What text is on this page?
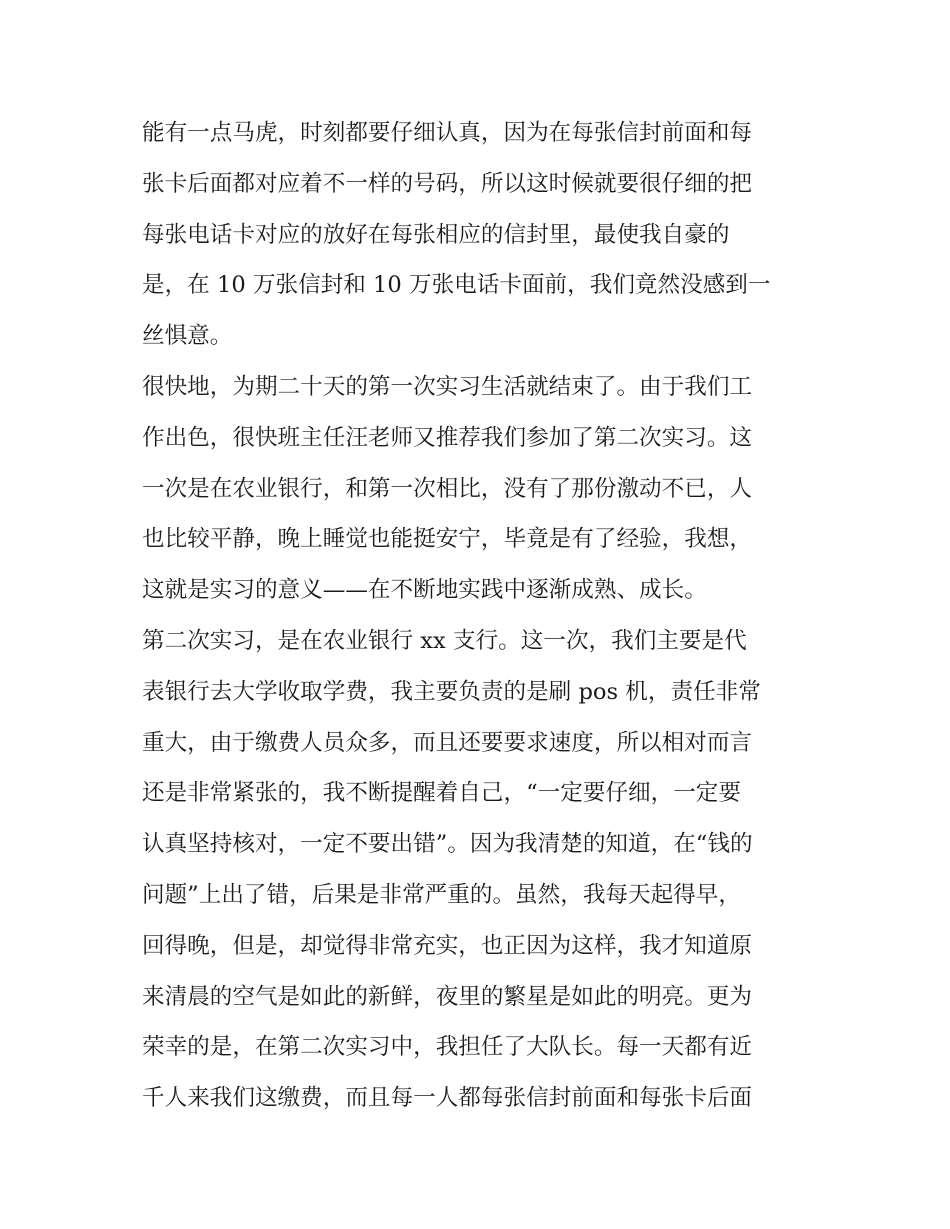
能有一点马虎，时刻都要仔细认真，因为在每张信封前面和每
张卡后面都对应着不一样的号码，所以这时候就要很仔细的把
每张电话卡对应的放好在每张相应的信封里，最使我自豪的
是，在 10 万张信封和 10 万张电话卡面前，我们竟然没感到一
丝惧意。
很快地，为期二十天的第一次实习生活就结束了。由于我们工
作出色，很快班主任汪老师又推荐我们参加了第二次实习。这
一次是在农业银行，和第一次相比，没有了那份激动不已，人
也比较平静，晚上睡觉也能挺安宁，毕竟是有了经验，我想，
这就是实习的意义——在不断地实践中逐渐成熟、成长。
第二次实习，是在农业银行 xx 支行。这一次，我们主要是代
表银行去大学收取学费，我主要负责的是刷 pos 机，责任非常
重大，由于缴费人员众多，而且还要要求速度，所以相对而言
还是非常紧张的，我不断提醒着自己，“一定要仔细，一定要
认真坚持核对，一定不要出错”。因为我清楚的知道，在“钱的
问题”上出了错，后果是非常严重的。虽然，我每天起得早，
回得晚，但是，却觉得非常充实，也正因为这样，我才知道原
来清晨的空气是如此的新鲜，夜里的繁星是如此的明亮。更为
荣幸的是，在第二次实习中，我担任了大队长。每一天都有近
千人来我们这缴费，而且每一人都每张信封前面和每张卡后面
